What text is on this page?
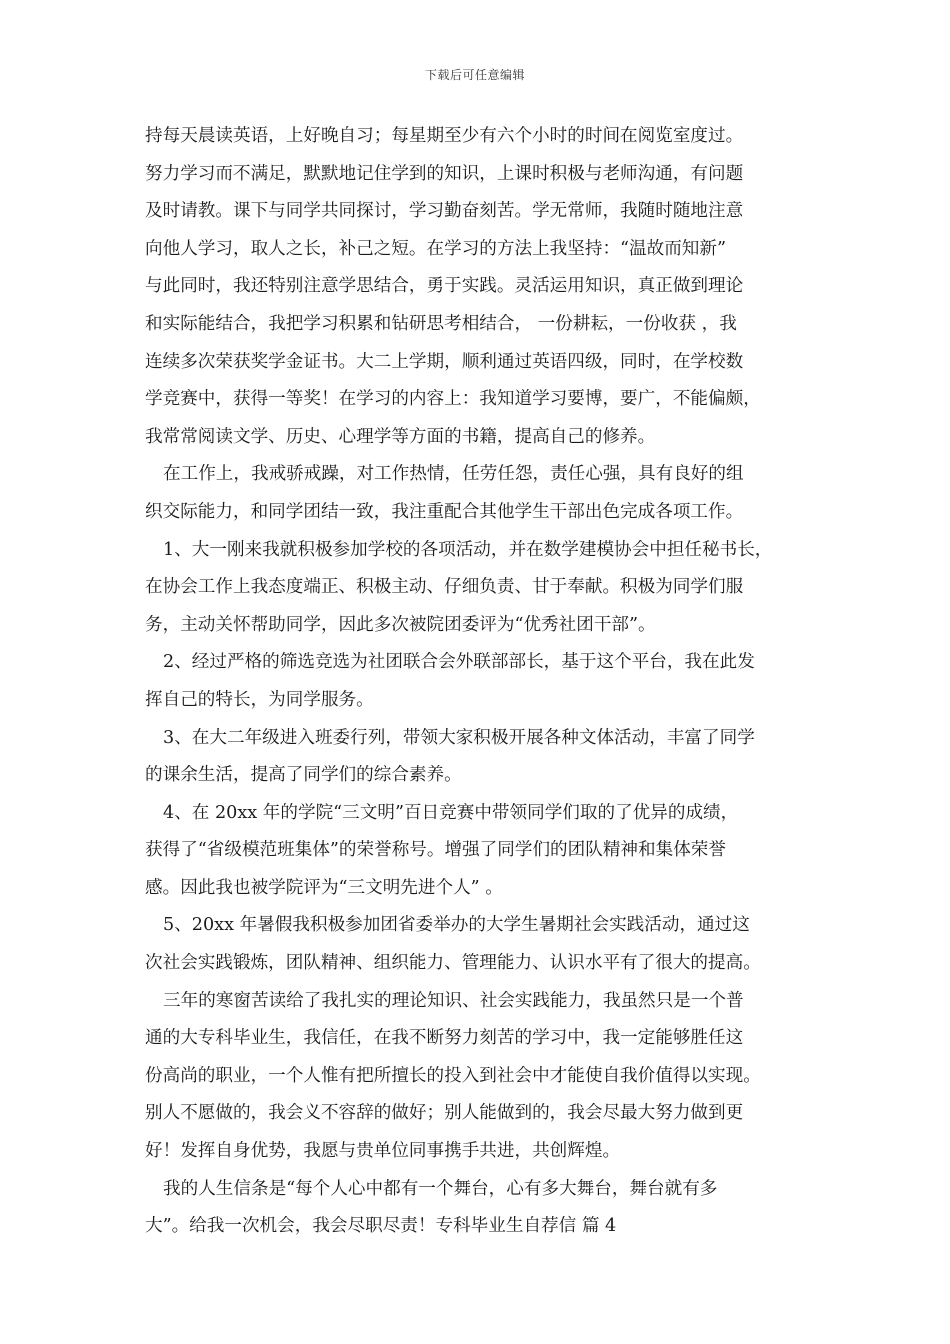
下载后可任意编辑
持每天晨读英语，上好晚自习；每星期至少有六个小时的时间在阅览室度过。
努力学习而不满足，默默地记住学到的知识，上课时积极与老师沟通，有问题
及时请教。课下与同学共同探讨，学习勤奋刻苦。学无常师，我随时随地注意
向他人学习，取人之长，补己之短。在学习的方法上我坚持：“温故而知新”
与此同时，我还特别注意学思结合，勇于实践。灵活运用知识，真正做到理论
和实际能结合，我把学习积累和钻研思考相结合， 一份耕耘，一份收获 ，我
连续多次荣获奖学金证书。大二上学期，顺利通过英语四级，同时，在学校数
学竞赛中，获得一等奖！在学习的内容上：我知道学习要博，要广，不能偏颇，
我常常阅读文学、历史、心理学等方面的书籍，提高自己的修养。
在工作上，我戒骄戒躁，对工作热情，任劳任怨，责任心强，具有良好的组
织交际能力，和同学团结一致，我注重配合其他学生干部出色完成各项工作。
1、大一刚来我就积极参加学校的各项活动，并在数学建模协会中担任秘书长，
在协会工作上我态度端正、积极主动、仔细负责、甘于奉献。积极为同学们服
务，主动关怀帮助同学，因此多次被院团委评为“优秀社团干部”。
2、经过严格的筛选竞选为社团联合会外联部部长，基于这个平台，我在此发
挥自己的特长，为同学服务。
3、在大二年级进入班委行列，带领大家积极开展各种文体活动，丰富了同学
的课余生活，提高了同学们的综合素养。
4、在 20xx 年的学院“三文明”百日竞赛中带领同学们取的了优异的成绩，
获得了“省级模范班集体”的荣誉称号。增强了同学们的团队精神和集体荣誉
感。因此我也被学院评为“三文明先进个人” 。
5、20xx 年暑假我积极参加团省委举办的大学生暑期社会实践活动，通过这
次社会实践锻炼，团队精神、组织能力、管理能力、认识水平有了很大的提高。
三年的寒窗苦读给了我扎实的理论知识、社会实践能力，我虽然只是一个普
通的大专科毕业生，我信任，在我不断努力刻苦的学习中，我一定能够胜任这
份高尚的职业，一个人惟有把所擅长的投入到社会中才能使自我价值得以实现。
别人不愿做的，我会义不容辞的做好；别人能做到的，我会尽最大努力做到更
好！发挥自身优势，我愿与贵单位同事携手共进，共创辉煌。
我的人生信条是“每个人心中都有一个舞台，心有多大舞台，舞台就有多
大”。给我一次机会，我会尽职尽责！专科毕业生自荐信 篇 4
